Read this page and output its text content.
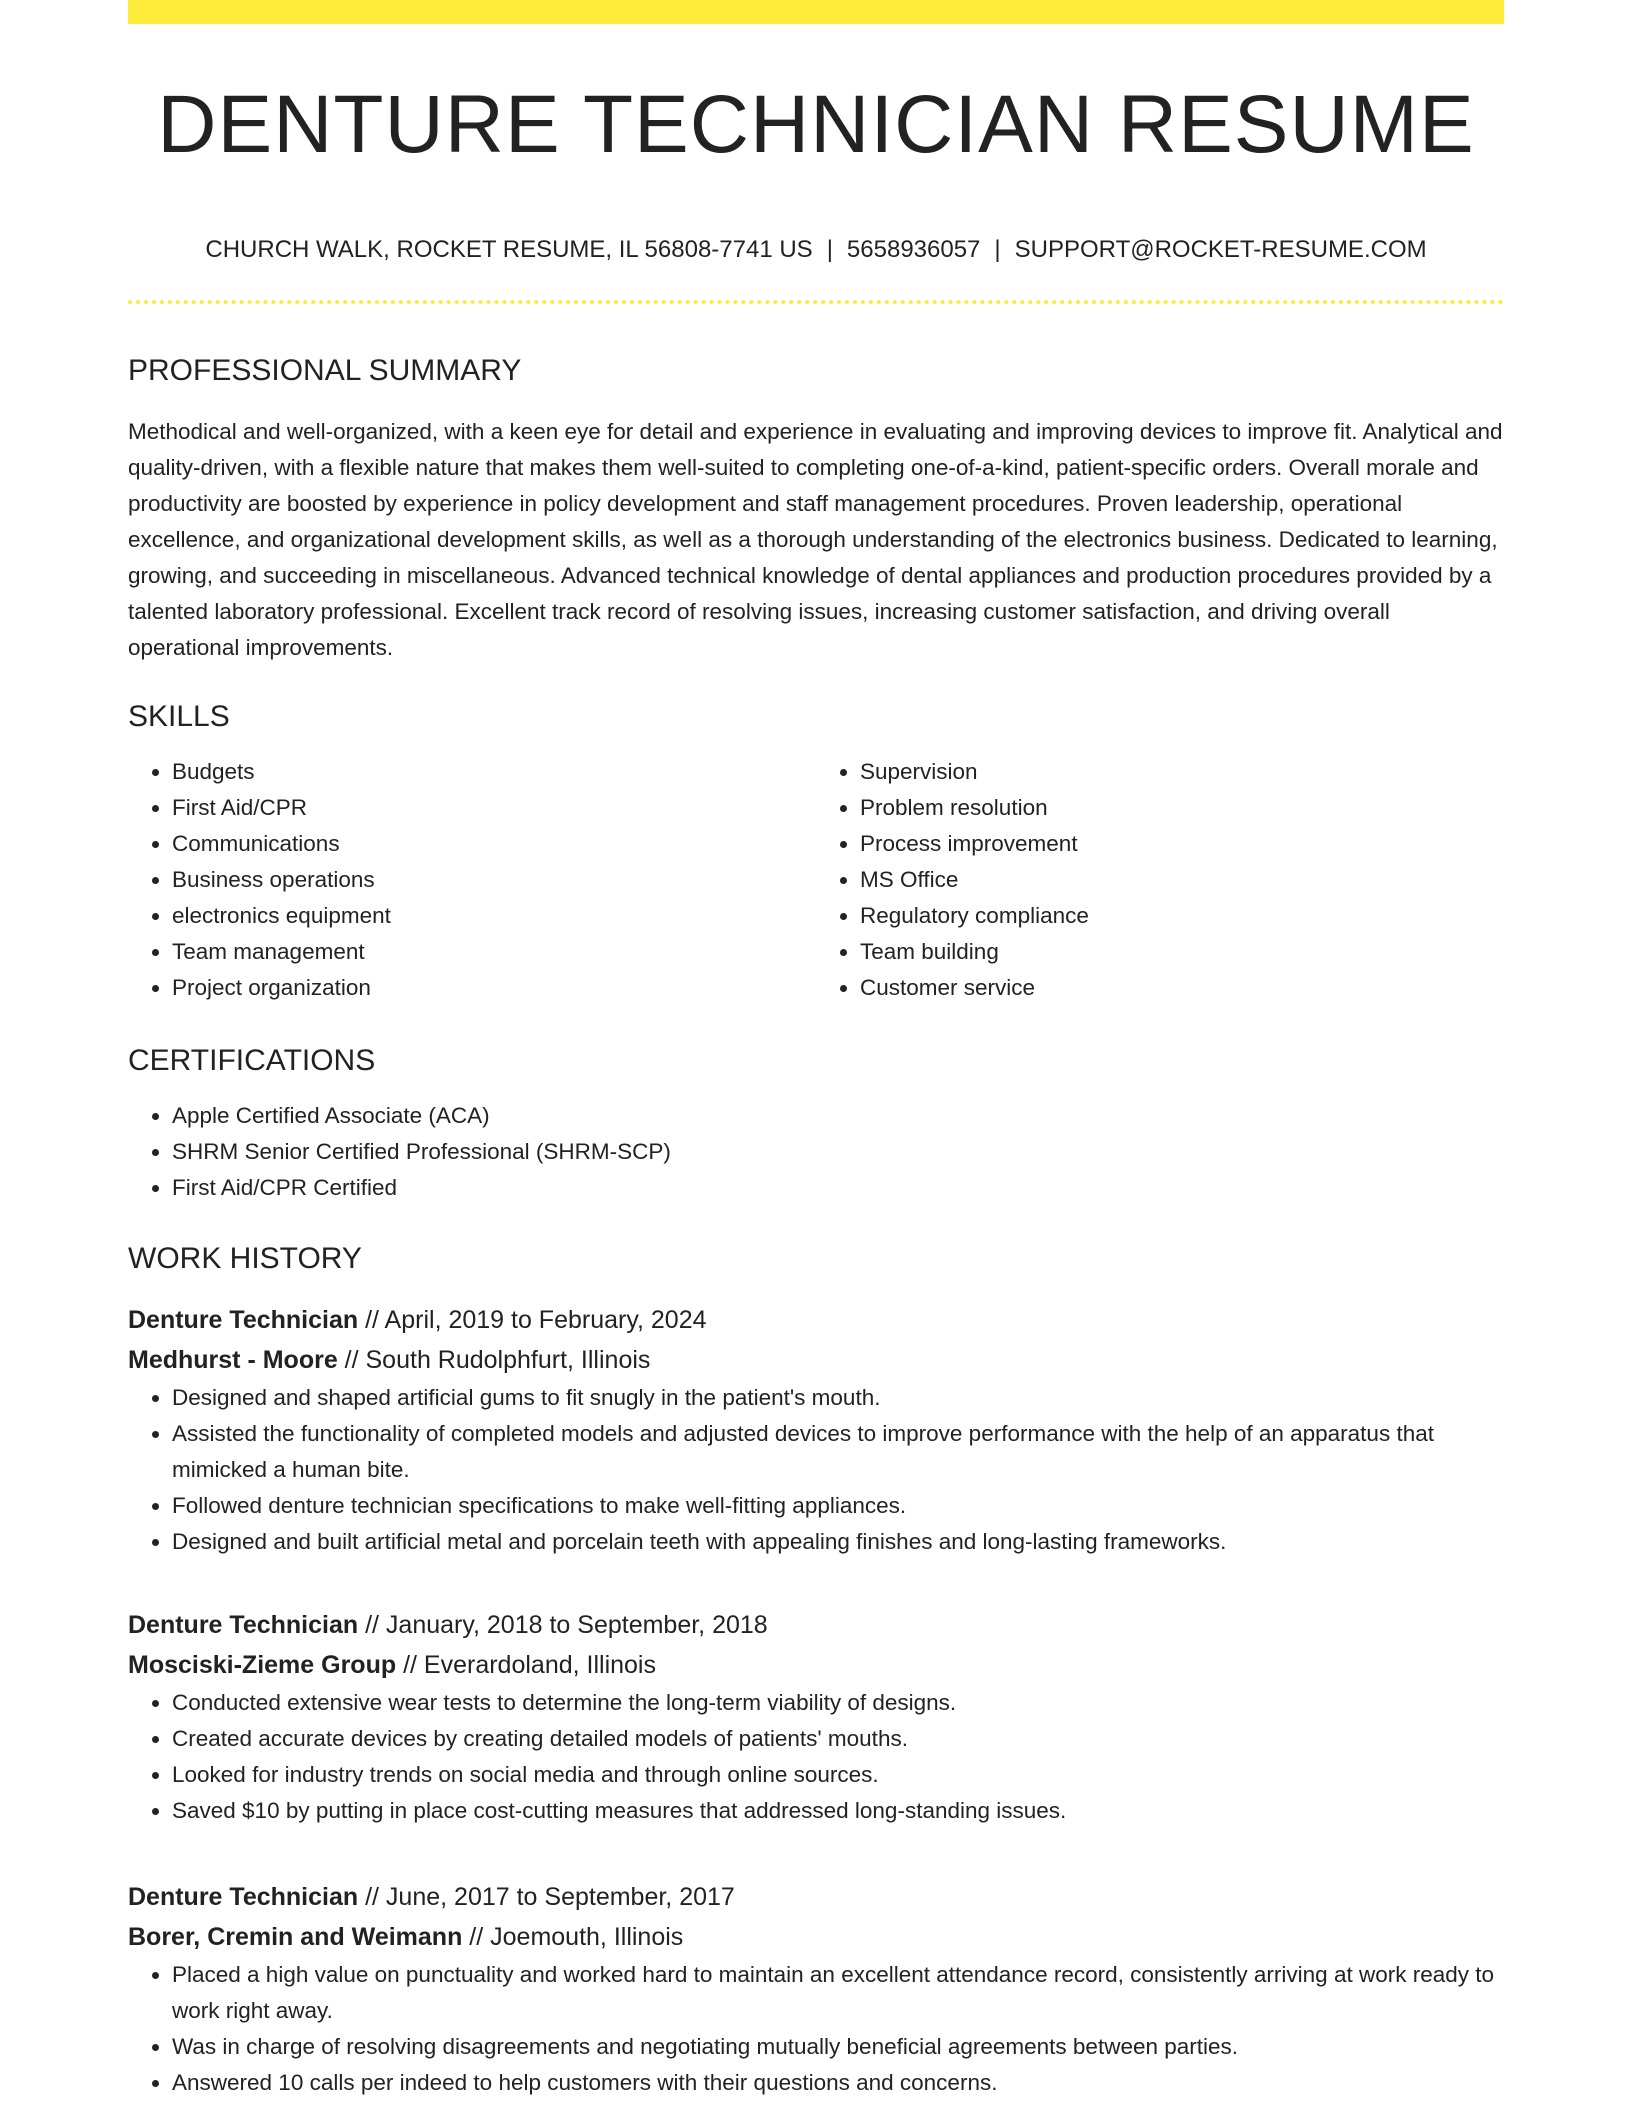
DENTURE TECHNICIAN RESUME
CHURCH WALK, ROCKET RESUME, IL 56808-7741 US | 5658936057 | SUPPORT@ROCKET-RESUME.COM
PROFESSIONAL SUMMARY
Methodical and well-organized, with a keen eye for detail and experience in evaluating and improving devices to improve fit. Analytical and quality-driven, with a flexible nature that makes them well-suited to completing one-of-a-kind, patient-specific orders. Overall morale and productivity are boosted by experience in policy development and staff management procedures. Proven leadership, operational excellence, and organizational development skills, as well as a thorough understanding of the electronics business. Dedicated to learning, growing, and succeeding in miscellaneous. Advanced technical knowledge of dental appliances and production procedures provided by a talented laboratory professional. Excellent track record of resolving issues, increasing customer satisfaction, and driving overall operational improvements.
SKILLS
• Budgets
• First Aid/CPR
• Communications
• Business operations
• electronics equipment
• Team management
• Project organization
• Supervision
• Problem resolution
• Process improvement
• MS Office
• Regulatory compliance
• Team building
• Customer service
CERTIFICATIONS
• Apple Certified Associate (ACA)
• SHRM Senior Certified Professional (SHRM-SCP)
• First Aid/CPR Certified
WORK HISTORY
Denture Technician // April, 2019 to February, 2024
Medhurst - Moore // South Rudolphfurt, Illinois
• Designed and shaped artificial gums to fit snugly in the patient's mouth.
• Assisted the functionality of completed models and adjusted devices to improve performance with the help of an apparatus that mimicked a human bite.
• Followed denture technician specifications to make well-fitting appliances.
• Designed and built artificial metal and porcelain teeth with appealing finishes and long-lasting frameworks.
Denture Technician // January, 2018 to September, 2018
Mosciski-Zieme Group // Everardoland, Illinois
• Conducted extensive wear tests to determine the long-term viability of designs.
• Created accurate devices by creating detailed models of patients' mouths.
• Looked for industry trends on social media and through online sources.
• Saved $10 by putting in place cost-cutting measures that addressed long-standing issues.
Denture Technician // June, 2017 to September, 2017
Borer, Cremin and Weimann // Joemouth, Illinois
• Placed a high value on punctuality and worked hard to maintain an excellent attendance record, consistently arriving at work ready to work right away.
• Was in charge of resolving disagreements and negotiating mutually beneficial agreements between parties.
• Answered 10 calls per indeed to help customers with their questions and concerns.
